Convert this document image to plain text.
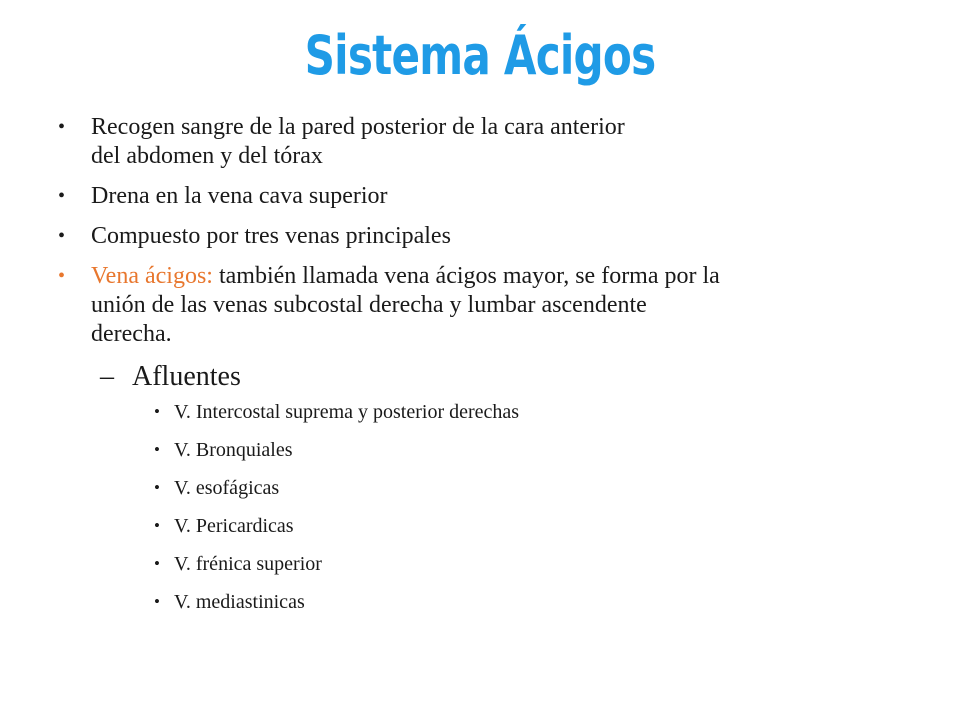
Sistema Ácigos
• Recogen sangre de la pared posterior de la cara anterior
del abdomen y del tórax
• Drena en la vena cava superior
• Compuesto por tres venas principales
• Vena ácigos: también llamada vena ácigos mayor, se forma por la
unión de las venas subcostal derecha y lumbar ascendente
derecha.
– Afluentes
• V. Intercostal suprema y posterior derechas
• V. Bronquiales
• V. esofágicas
• V. Pericardicas
• V. frénica superior
• V. mediastinicas
